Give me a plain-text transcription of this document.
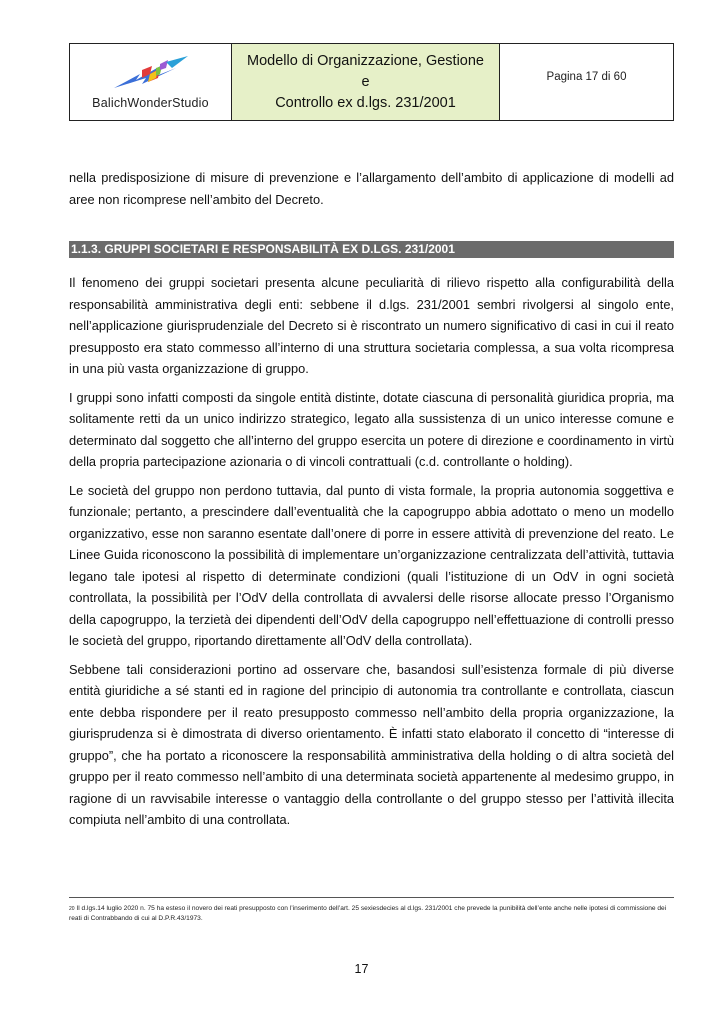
BalichWonderStudio
Modello di Organizzazione, Gestione e
Controllo ex d.lgs. 231/2001
Pagina 17 di 60

nella predisposizione di misure di prevenzione e l’allargamento dell’ambito di applicazione di modelli ad aree non ricomprese nell’ambito del Decreto.

1.1.3. GRUPPI SOCIETARI E RESPONSABILITÀ EX D.LGS. 231/2001

Il fenomeno dei gruppi societari presenta alcune peculiarità di rilievo rispetto alla configurabilità della responsabilità amministrativa degli enti: sebbene il d.lgs. 231/2001 sembri rivolgersi al singolo ente, nell’applicazione giurisprudenziale del Decreto si è riscontrato un numero significativo di casi in cui il reato presupposto era stato commesso all’interno di una struttura societaria complessa, a sua volta ricompresa in una più vasta organizzazione di gruppo.

I gruppi sono infatti composti da singole entità distinte, dotate ciascuna di personalità giuridica propria, ma solitamente retti da un unico indirizzo strategico, legato alla sussistenza di un unico interesse comune e determinato dal soggetto che all’interno del gruppo esercita un potere di direzione e coordinamento in virtù della propria partecipazione azionaria o di vincoli contrattuali (c.d. controllante o holding).

Le società del gruppo non perdono tuttavia, dal punto di vista formale, la propria autonomia soggettiva e funzionale; pertanto, a prescindere dall’eventualità che la capogruppo abbia adottato o meno un modello organizzativo, esse non saranno esentate dall’onere di porre in essere attività di prevenzione del reato. Le Linee Guida riconoscono la possibilità di implementare un’organizzazione centralizzata dell’attività, tuttavia legano tale ipotesi al rispetto di determinate condizioni (quali l’istituzione di un OdV in ogni società controllata, la possibilità per l’OdV della controllata di avvalersi delle risorse allocate presso l’Organismo della capogruppo, la terzietà dei dipendenti dell’OdV della capogruppo nell’effettuazione di controlli presso le società del gruppo, riportando direttamente all’OdV della controllata).

Sebbene tali considerazioni portino ad osservare che, basandosi sull’esistenza formale di più diverse entità giuridiche a sé stanti ed in ragione del principio di autonomia tra controllante e controllata, ciascun ente debba rispondere per il reato presupposto commesso nell’ambito della propria organizzazione, la giurisprudenza si è dimostrata di diverso orientamento. È infatti stato elaborato il concetto di “interesse di gruppo”, che ha portato a riconoscere la responsabilità amministrativa della holding o di altra società del gruppo per il reato commesso nell’ambito di una determinata società appartenente al medesimo gruppo, in ragione di un ravvisabile interesse o vantaggio della controllante o del gruppo stesso per l’attività illecita compiuta nell’ambito di una controllata.

$^{20}$ Il d.lgs.14 luglio 2020 n. 75 ha esteso il novero dei reati presupposto con l’inserimento dell’art. 25 sexiesdecies al d.lgs. 231/2001 che prevede la punibilità dell’ente anche nelle ipotesi di commissione dei reati di Contrabbando di cui al D.P.R.43/1973.
17
